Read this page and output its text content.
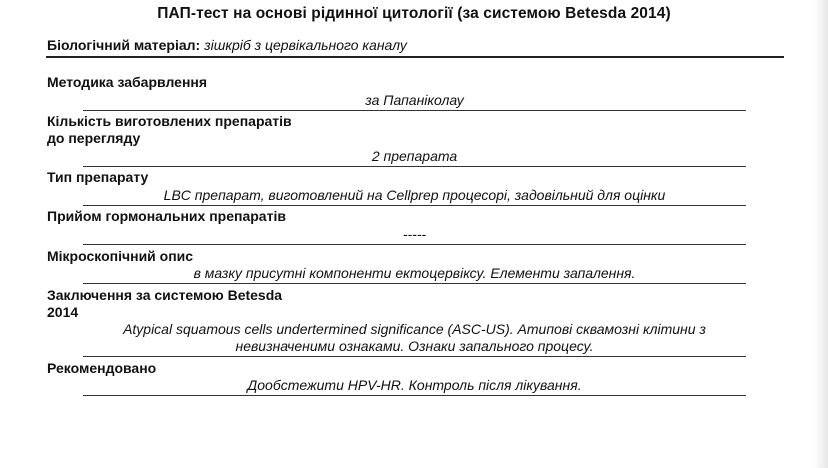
ПАП-тест на основі рідинної цитології (за системою Betesda 2014)
Біологічний матеріал: зішкріб з цервікального каналу
Методика забарвлення
за Папаніколау
Кількість виготовлених препаратів
до перегляду
2 препарата
Тип препарату
LBC препарат, виготовлений на Cellprep процесорі, задовільний для оцінки
Прийом гормональних препаратів
-----
Мікроскопічний опис
в мазку присутні компоненти ектоцервіксу. Елементи запалення.
Заключення за системою Betesda
2014
Atypical squamous cells undertermined significance (ASC-US). Атипові сквамозні клітини з
невизначеними ознаками. Ознаки запального процесу.
Рекомендовано
Дообстежити HPV-HR. Контроль після лікування.
